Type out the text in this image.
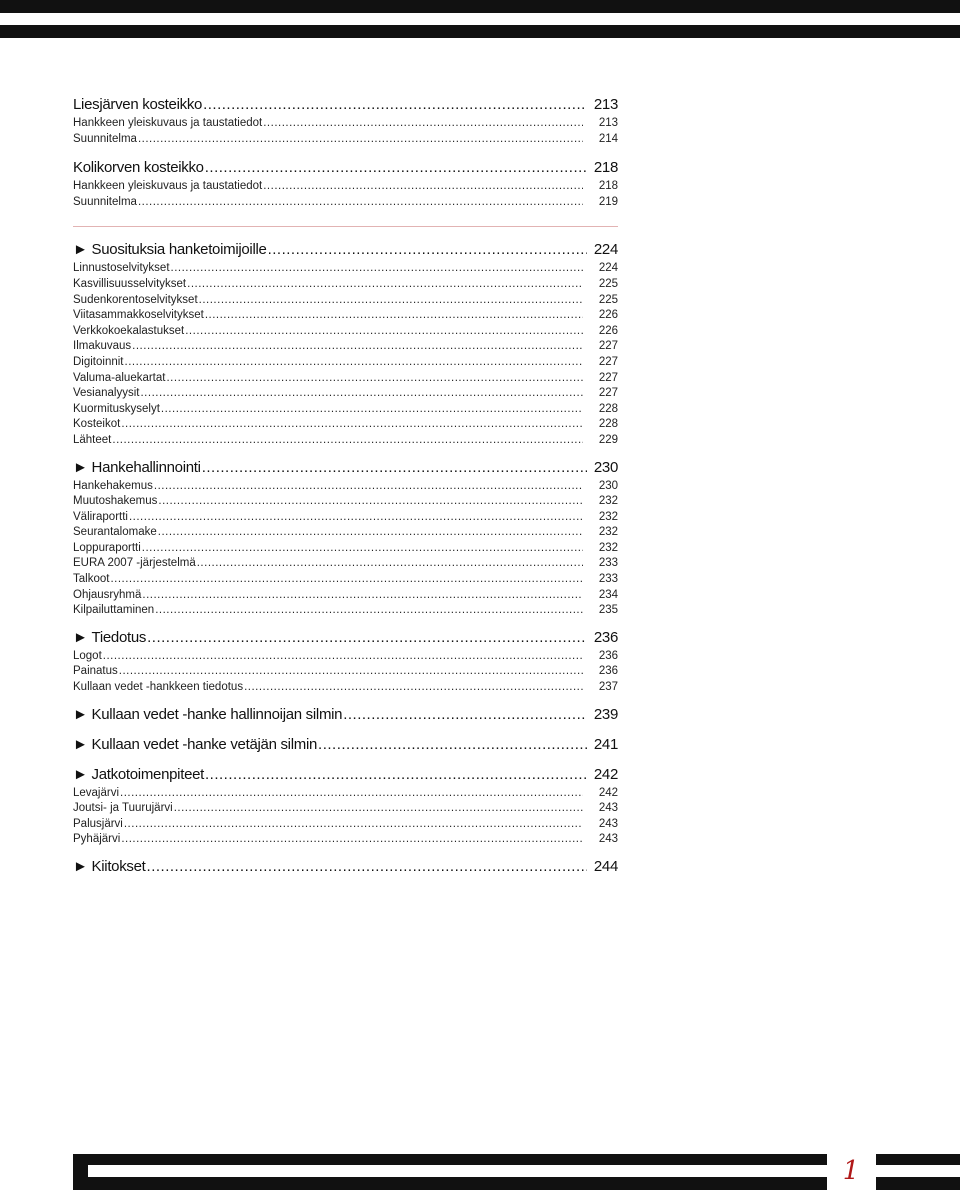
Liesjärven kosteikko .....	213
Hankkeen yleiskuvaus ja taustatiedot .....	213
Suunnitelma .....	214
Kolikorven kosteikko .....	218
Hankkeen yleiskuvaus ja taustatiedot .....	218
Suunnitelma .....	219
► Suosituksia hanketoimijoille .....	224
Linnustoselvitykset .....	224
Kasvillisuusselvitykset .....	225
Sudenkorentoselvitykset .....	225
Viitasammakkoselvitykset .....	226
Verkkokoekalastukset .....	226
Ilmakuvaus .....	227
Digitoinnit .....	227
Valuma-aluekartat .....	227
Vesianalyysit .....	227
Kuormituskyselyt .....	228
Kosteikot .....	228
Lähteet .....	229
► Hankehallinnointi .....	230
Hankehakemus .....	230
Muutoshakemus .....	232
Väliraportti .....	232
Seurantalomake .....	232
Loppuraportti .....	232
EURA 2007 -järjestelmä .....	233
Talkoot .....	233
Ohjausryhmä .....	234
Kilpailuttaminen .....	235
► Tiedotus .....	236
Logot .....	236
Painatus .....	236
Kullaan vedet -hankkeen tiedotus .....	237
► Kullaan vedet -hanke hallinnoijan silmin .....	239
► Kullaan vedet -hanke vetäjän silmin .....	241
► Jatkotoimenpiteet .....	242
Levajärvi .....	242
Joutsi- ja Tuurujärvi .....	243
Palusjärvi .....	243
Pyhäjärvi .....	243
► Kiitokset .....	244
1
